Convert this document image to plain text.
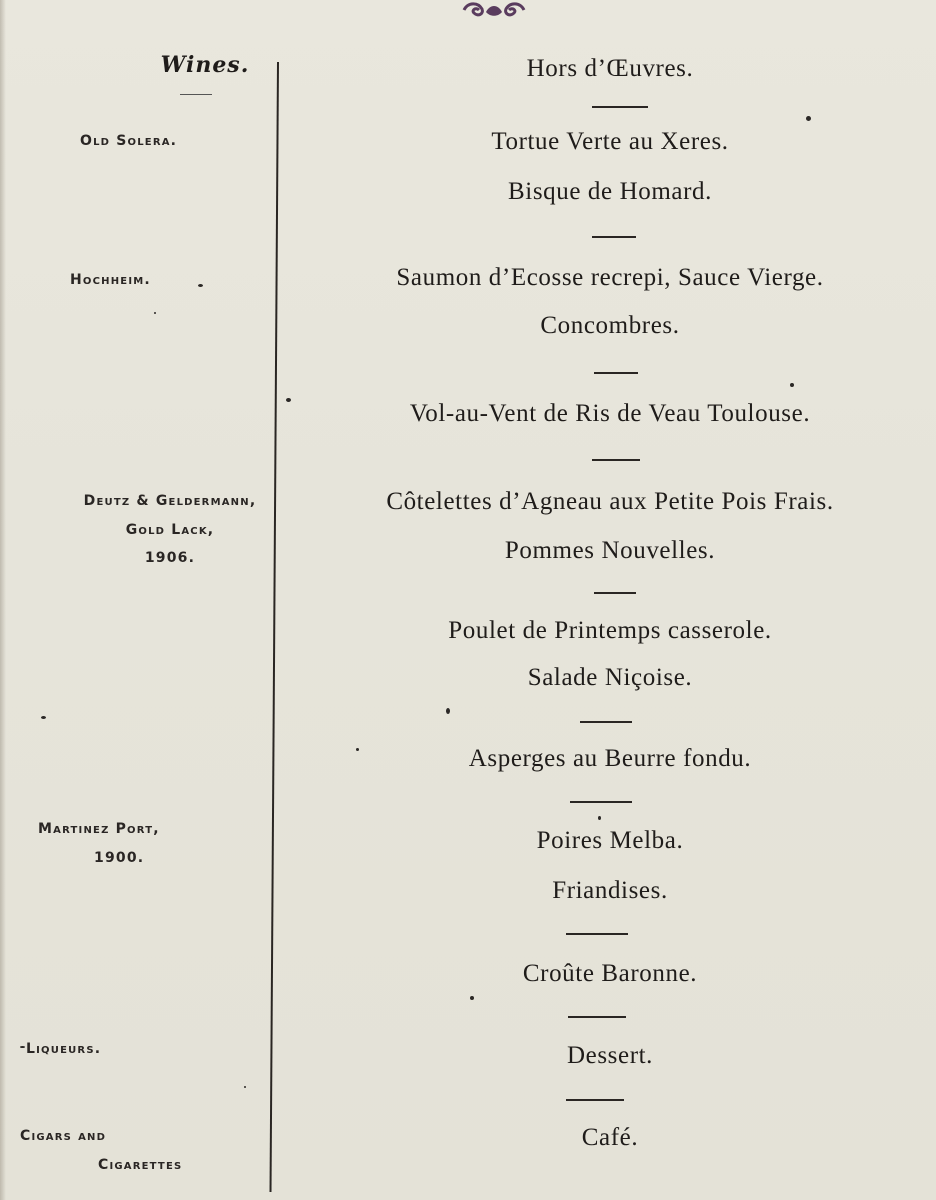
Wines.
Old Solera.
Hochheim.
Deutz & Geldermann,
Gold Lack,
1906.
Martinez Port,
1900.
Liqueurs.
Cigars and
Cigarettes
Hors d’Œuvres.
Tortue Verte au Xeres.
Bisque de Homard.
Saumon d’Ecosse recrepi, Sauce Vierge.
Concombres.
Vol-au-Vent de Ris de Veau Toulouse.
Côtelettes d’Agneau aux Petite Pois Frais.
Pommes Nouvelles.
Poulet de Printemps casserole.
Salade Niçoise.
Asperges au Beurre fondu.
Poires Melba.
Friandises.
Croûte Baronne.
Dessert.
Café.
